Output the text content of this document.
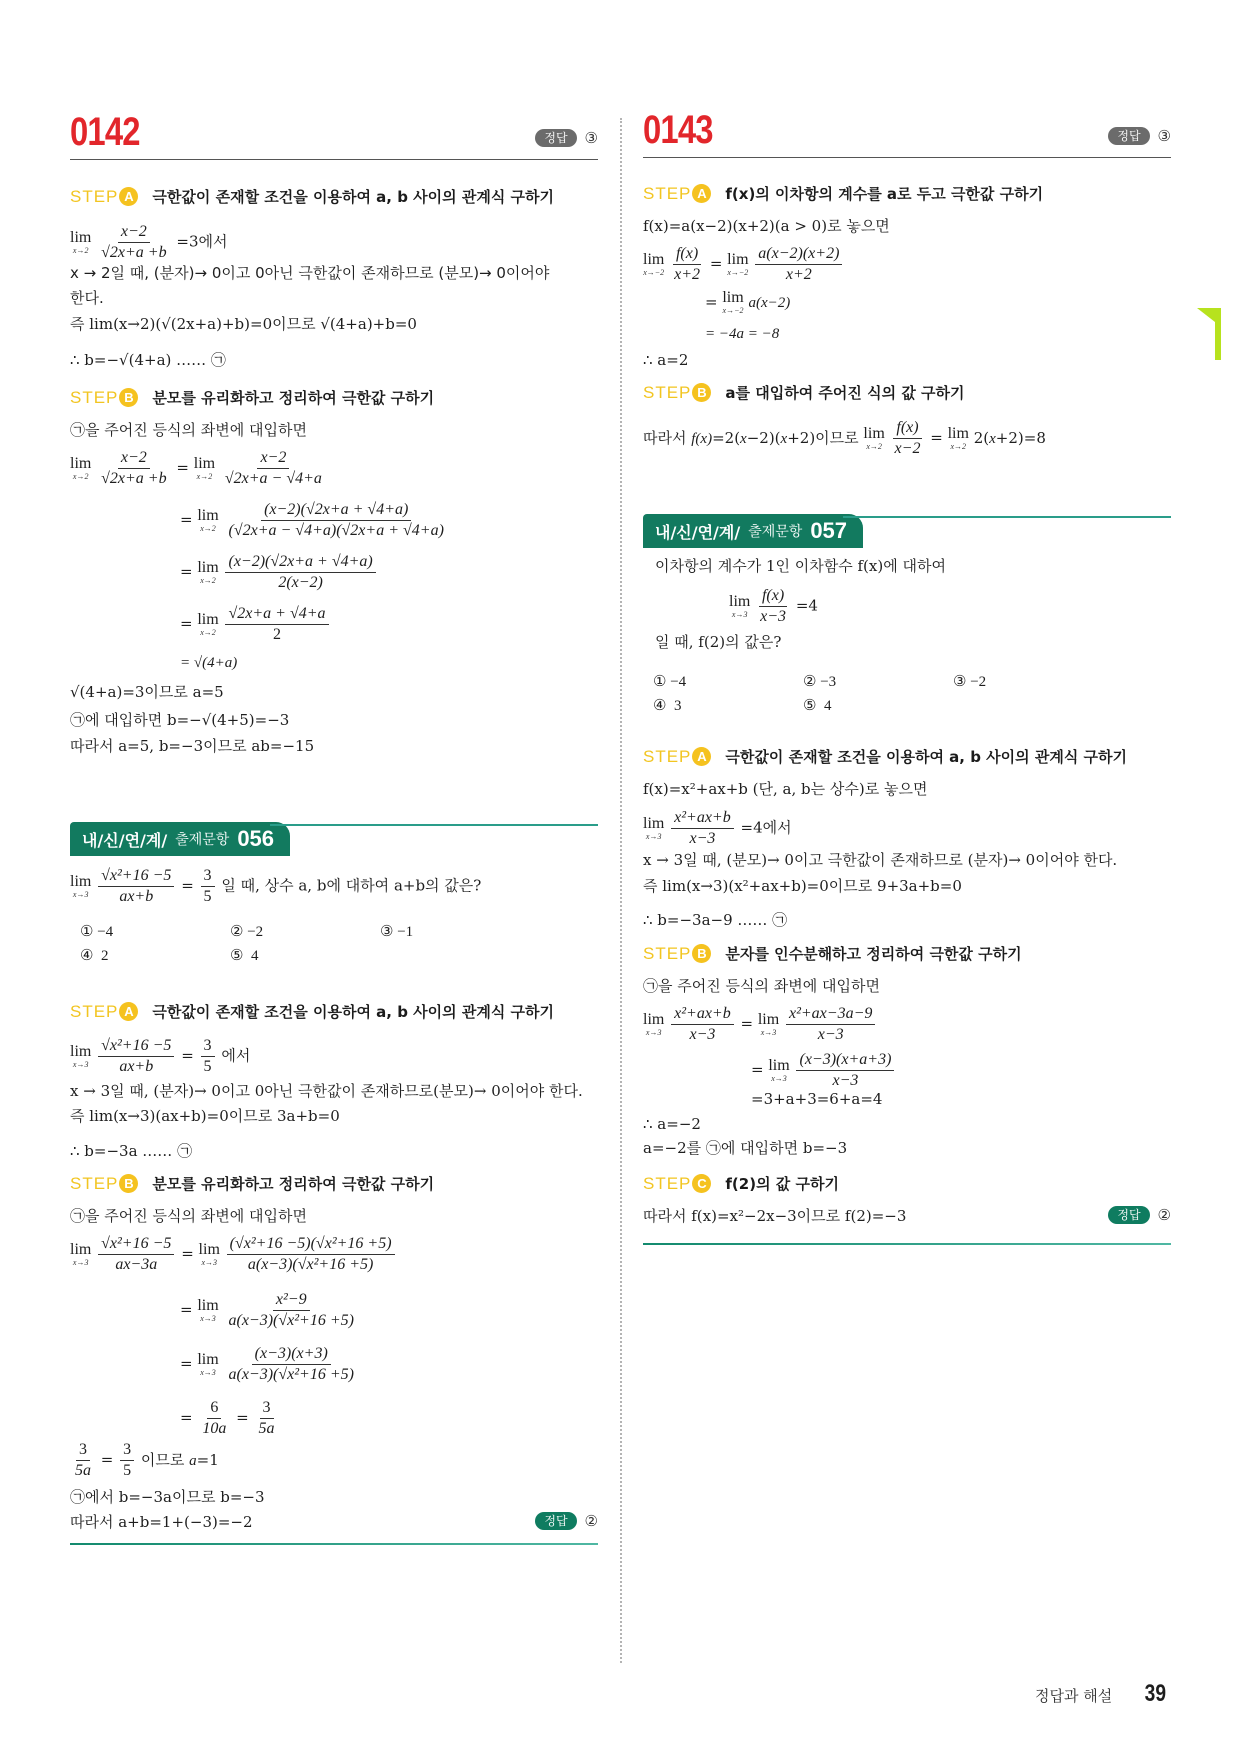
0142	정답	③
STEP A	극한값이 존재할 조건을 이용하여 a, b 사이의 관계식 구하기
lim
x→2
$\frac{x-2}{√2x+a +b} =3$에서
x → 2일 때, (분자)→ 0이고 0아닌 극한값이 존재하므로 (분모)→ 0이어야
한다.
즉 lim(x→2)(√(2x+a)+b)=0이므로 √(4+a)+b=0
∴ b=−√(4+a) …… ㉠
STEP B	분모를 유리화하고 정리하여 극한값 구하기
㉠을 주어진 등식의 좌변에 대입하면
lim
x→2
$\frac{x-2}{√2x+a +b} = \lim$
x→2
$\frac{x-2}{√2x+a - √4+a}$
= lim
x→2
$\frac{(x-2)(√2x+a + √4+a)}{(√2x+a - √4+a)(√2x+a + √4+a)}$
= lim
x→2
$\frac{(x-2)(√2x+a + √4+a)}{2(x-2)}$
= lim
x→2
$\frac{√2x+a + √4+a}{2}$
= √(4+a)
√(4+a)=3이므로 a=5
㉠에 대입하면 b=−√(4+5)=−3
따라서 a=5, b=−3이므로 ab=−15
내/신/연/계/ 출제문항 056
lim
x→3
$\frac{\text{√x²+16 −5}}{ax+b} = \frac{3}{5}$ 일 때, 상수 a, b에 대하여 a+b의 값은?
① −4	② −2	③ −1
④ 2	⑤ 4
STEP A	극한값이 존재할 조건을 이용하여 a, b 사이의 관계식 구하기
lim
x→3
$\frac{\text{√x²+16 −5}}{ax+b} = \frac{3}{5}$ 에서
x → 3일 때, (분자)→ 0이고 0아닌 극한값이 존재하므로(분모)→ 0이어야 한다.
즉 lim(x→3)(ax+b)=0이므로 3a+b=0
∴ b=−3a …… ㉠
STEP B	분모를 유리화하고 정리하여 극한값 구하기
㉠을 주어진 등식의 좌변에 대입하면
lim
x→3
$\frac{\text{√x²+16 −5}}{ax-3a} = \lim$
x→3
$\frac{\text{(√x²+16 −5)(√x²+16 +5)}}{\text{a(x−3)(√x²+16 +5)}}$
= lim
x→3
$\frac{\text{x²−9}}{\text{a(x−3)(√x²+16 +5)}}$
= lim
x→3
$\frac{(x-3)(x+3)}{\text{a(x−3)(√x²+16 +5)}}$
= $\frac{6}{10a} = \frac{3}{5a}$
$\frac{3}{5a} = \frac{3}{5}$ 이므로 a=1
㉠에서 b=−3a이므로 b=−3
따라서 a+b=1+(−3)=−2	정답	②
0143	정답	③
STEP A	f(x)의 이차항의 계수를 a로 두고 극한값 구하기
f(x)=a(x−2)(x+2)(a > 0)로 놓으면
lim
x→−2
$\frac{f(x)}{x+2} = \lim$
x→−2
$\frac{a(x-2)(x+2)}{x+2}$
= lim
x→−2 a(x−2)
= −4a = −8
∴ a=2
STEP B	a를 대입하여 주어진 식의 값 구하기
따라서 f(x)=2(x−2)(x+2)이므로 lim
x→2
$\frac{f(x)}{x-2} = \lim$
x→2 2(x+2)=8
내/신/연/계/ 출제문항 057
이차항의 계수가 1인 이차함수 f(x)에 대하여
lim
x→3
$\frac{f(x)}{x-3} =4$
일 때, f(2)의 값은?
① −4	② −3	③ −2
④ 3	⑤ 4
STEP A	극한값이 존재할 조건을 이용하여 a, b 사이의 관계식 구하기
f(x)=x²+ax+b (단, a, b는 상수)로 놓으면
lim
x→3
$\frac{\text{x²+ax+b}}{x-3} =4$에서
x → 3일 때, (분모)→ 0이고 극한값이 존재하므로 (분자)→ 0이어야 한다.
즉 lim(x→3)(x²+ax+b)=0이므로 9+3a+b=0
∴ b=−3a−9 …… ㉠
STEP B	분자를 인수분해하고 정리하여 극한값 구하기
㉠을 주어진 등식의 좌변에 대입하면
lim
x→3
$\frac{\text{x²+ax+b}}{x-3} = \lim$
x→3
$\frac{\text{x²+ax−3a−9}}{x-3}$
= lim
x→3
$\frac{(x-3)(x+a+3)}{x-3}$
=3+a+3=6+a=4
∴ a=−2
a=−2를 ㉠에 대입하면 b=−3
STEP C	f(2)의 값 구하기
따라서 f(x)=x²−2x−3이므로 f(2)=−3	정답	②
정답과 해설 39
